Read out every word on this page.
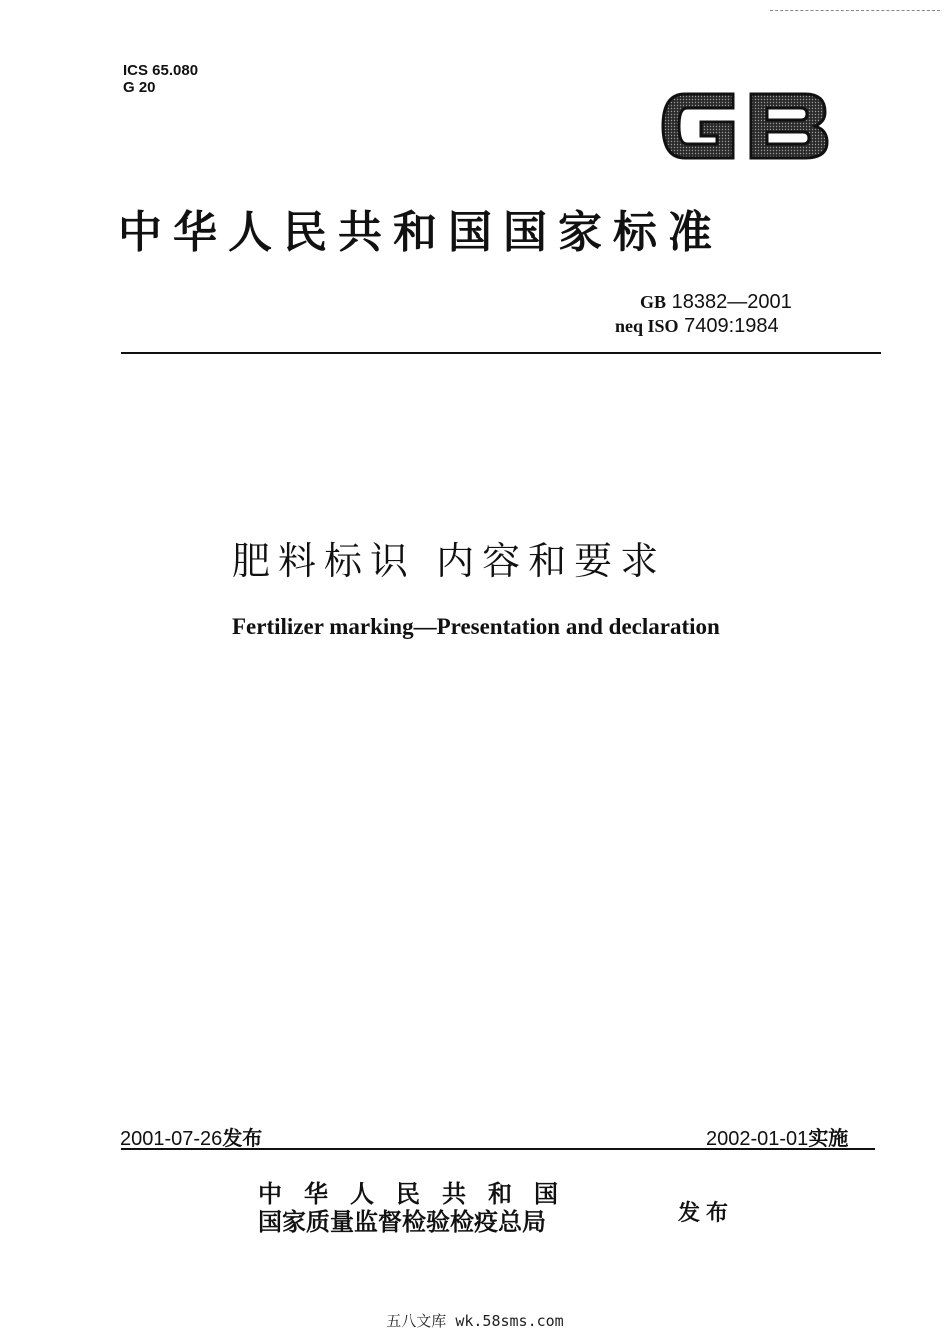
ICS 65.080
G 20
中华人民共和国国家标准
GB 18382—2001
neq ISO 7409:1984
肥料标识 内容和要求
Fertilizer marking—Presentation and declaration
2001-07-26发布	2002-01-01实施
中华人民共和国
国家质量监督检验检疫总局	发布
五八文库 wk.58sms.com
